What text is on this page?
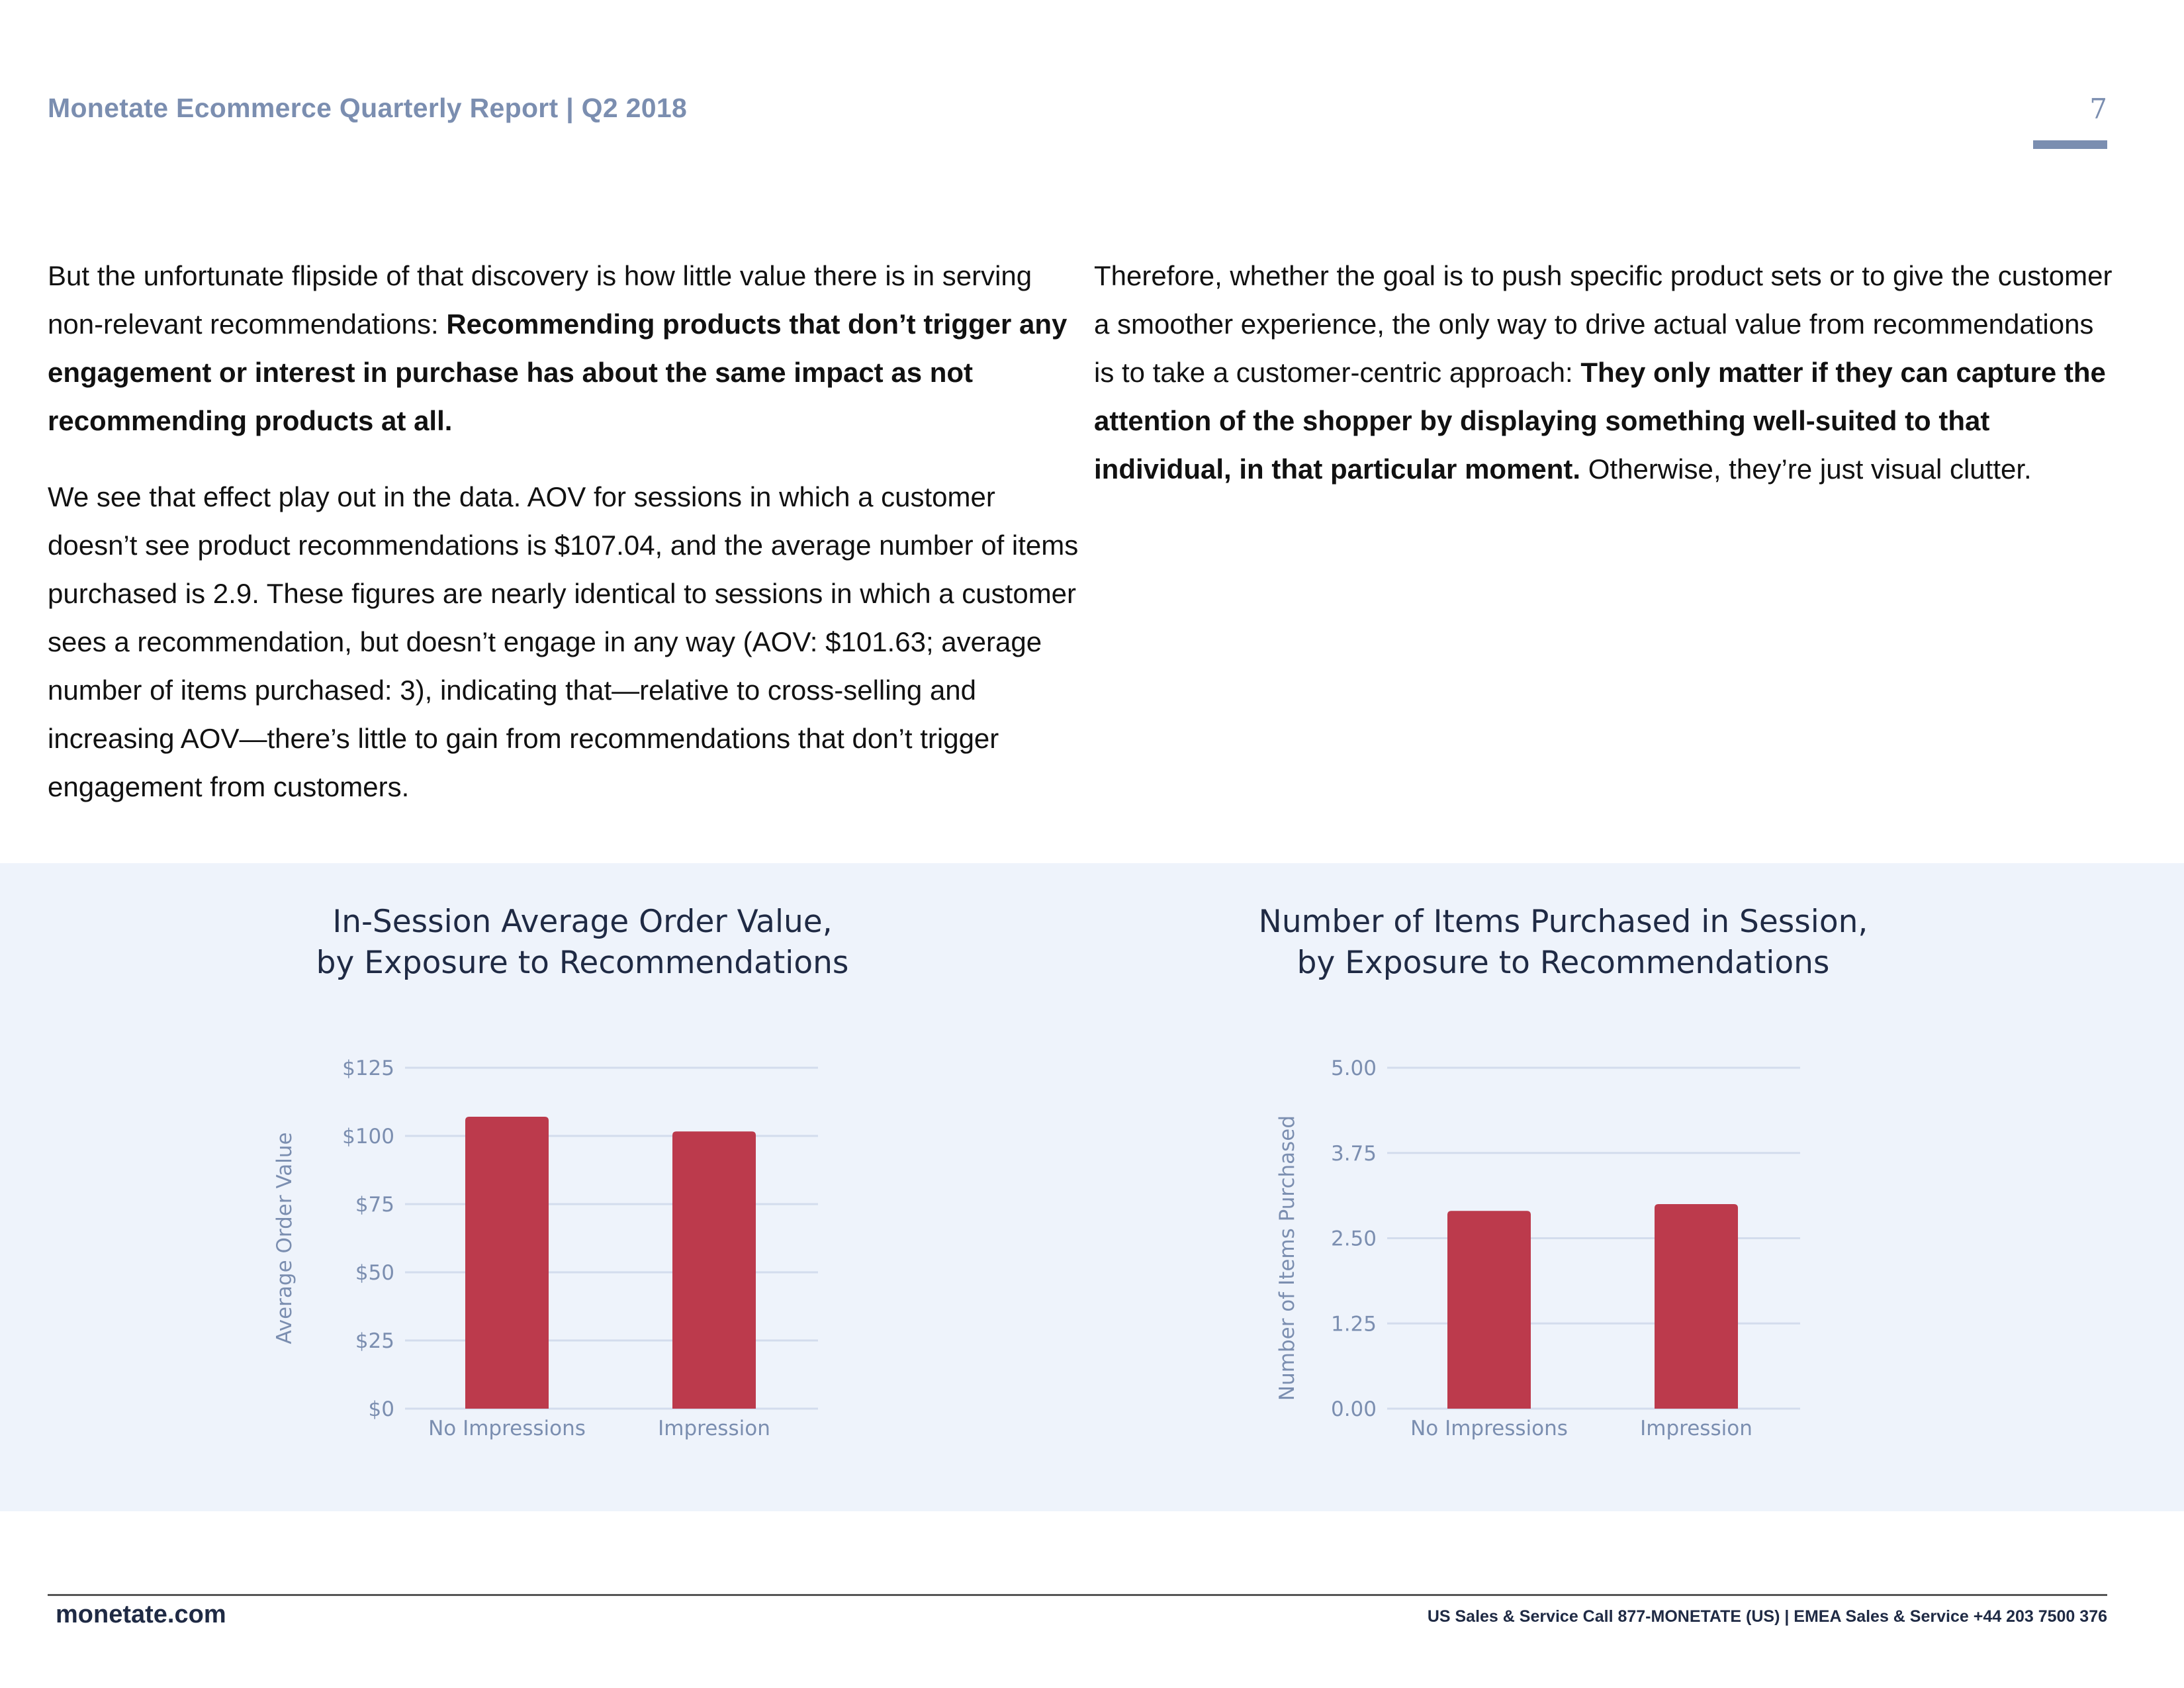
Monetate Ecommerce Quarterly Report | Q2 2018	7

But the unfortunate flipside of that discovery is how little value there is in serving non-relevant recommendations: Recommending products that don’t trigger any engagement or interest in purchase has about the same impact as not recommending products at all.

We see that effect play out in the data. AOV for sessions in which a customer doesn’t see product recommendations is $107.04, and the average number of items purchased is 2.9. These figures are nearly identical to sessions in which a customer sees a recommendation, but doesn’t engage in any way (AOV: $101.63; average number of items purchased: 3), indicating that—relative to cross-selling and increasing AOV—there’s little to gain from recommendations that don’t trigger engagement from customers.

Therefore, whether the goal is to push specific product sets or to give the customer a smoother experience, the only way to drive actual value from recommendations is to take a customer-centric approach: They only matter if they can capture the attention of the shopper by displaying something well-suited to that individual, in that particular moment. Otherwise, they’re just visual clutter.

In-Session Average Order Value,
by Exposure to Recommendations
Number of Items Purchased in Session,
by Exposure to Recommendations
$0
$25
$50
$75
$100
$125
No Impressions	Impression
Average Order Value
0.00
1.25
2.50
3.75
5.00
No Impressions	Impression
Number of Items Purchased
monetate.com	US Sales & Service Call 877-MONETATE (US) | EMEA Sales & Service +44 203 7500 376
